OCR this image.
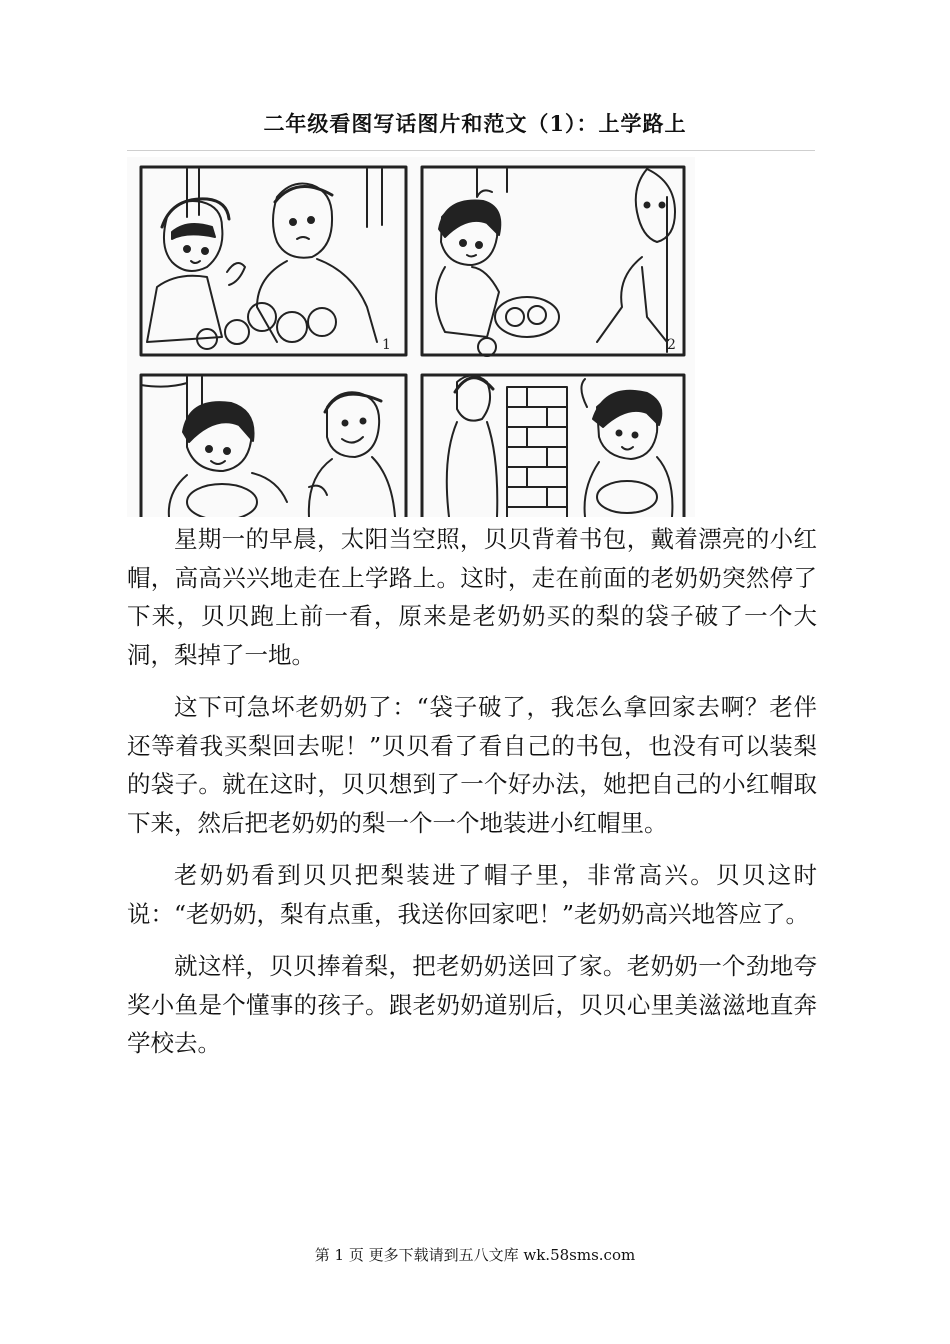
二年级看图写话图片和范文（1）：上学路上
1	2

星期一的早晨，太阳当空照，贝贝背着书包，戴着漂亮的小红帽，高高兴兴地走在上学路上。这时，走在前面的老奶奶突然停了下来，贝贝跑上前一看，原来是老奶奶买的梨的袋子破了一个大洞，梨掉了一地。

这下可急坏老奶奶了：“袋子破了，我怎么拿回家去啊？老伴还等着我买梨回去呢！”贝贝看了看自己的书包，也没有可以装梨的袋子。就在这时，贝贝想到了一个好办法，她把自己的小红帽取下来，然后把老奶奶的梨一个一个地装进小红帽里。

老奶奶看到贝贝把梨装进了帽子里，非常高兴。贝贝这时说：“老奶奶，梨有点重，我送你回家吧！”老奶奶高兴地答应了。

就这样，贝贝捧着梨，把老奶奶送回了家。老奶奶一个劲地夸奖小鱼是个懂事的孩子。跟老奶奶道别后，贝贝心里美滋滋地直奔学校去。

第 1 页 更多下载请到五八文库 wk.58sms.com
